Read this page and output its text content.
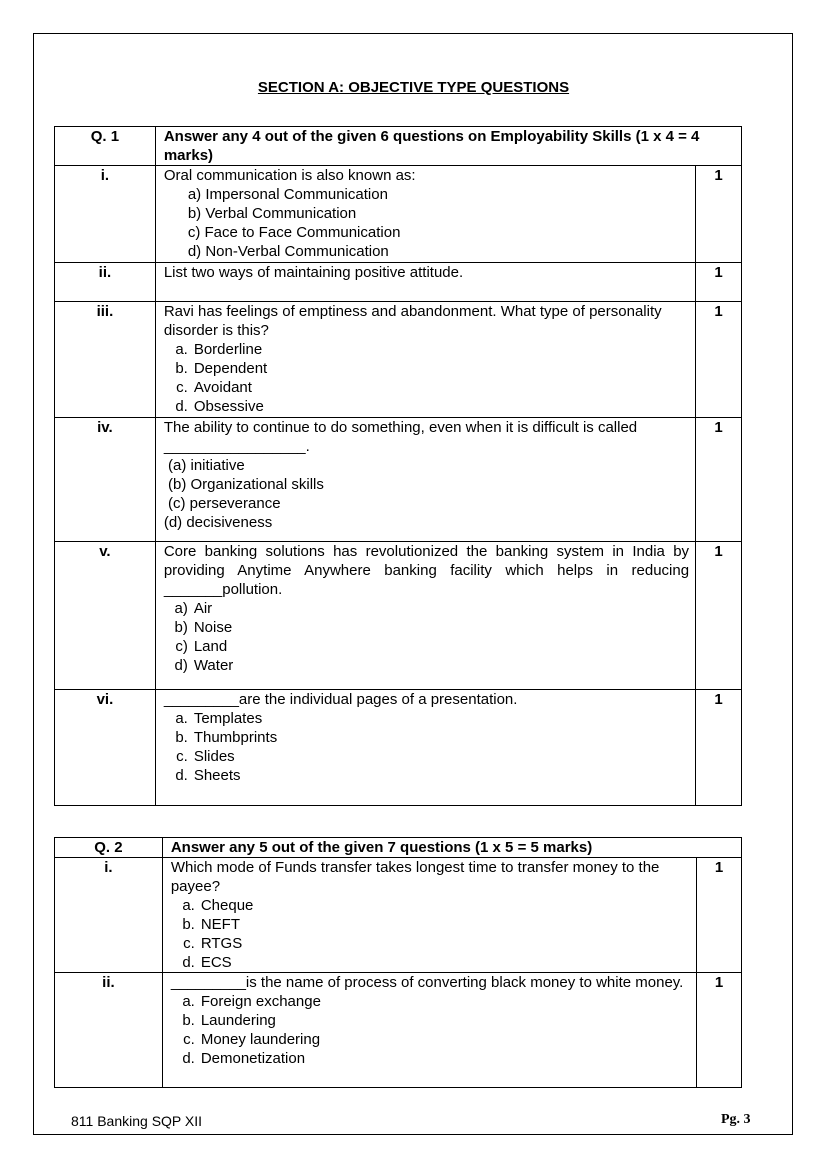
SECTION A: OBJECTIVE TYPE QUESTIONS
Q. 1	Answer any 4 out of the given 6 questions on Employability Skills (1 x 4 = 4 marks)	
i.	Oral communication is also known as:
a) Impersonal Communication
b) Verbal Communication
c) Face to Face Communication
d) Non-Verbal Communication	1
ii.	List two ways of maintaining positive attitude.	1
iii.	Ravi has feelings of emptiness and abandonment. What type of personality disorder is this?
a. Borderline
b. Dependent
c. Avoidant
d. Obsessive	1
iv.	The ability to continue to do something, even when it is difficult is called _________________.
(a) initiative
(b) Organizational skills
(c) perseverance
(d) decisiveness	1
v.	Core banking solutions has revolutionized the banking system in India by providing Anytime Anywhere banking facility which helps in reducing _______pollution.
a) Air
b) Noise
c) Land
d) Water	1
vi.	_________are the individual pages of a presentation.
a. Templates
b. Thumbprints
c. Slides
d. Sheets	1
Q. 2	Answer any 5 out of the given 7 questions (1 x 5 = 5 marks)	
i.	Which mode of Funds transfer takes longest time to transfer money to the payee?
a. Cheque
b. NEFT
c. RTGS
d. ECS	1
ii.	_________is the name of process of converting black money to white money.
a. Foreign exchange
b. Laundering
c. Money laundering
d. Demonetization	1
811 Banking SQP XII	Pg. 3
